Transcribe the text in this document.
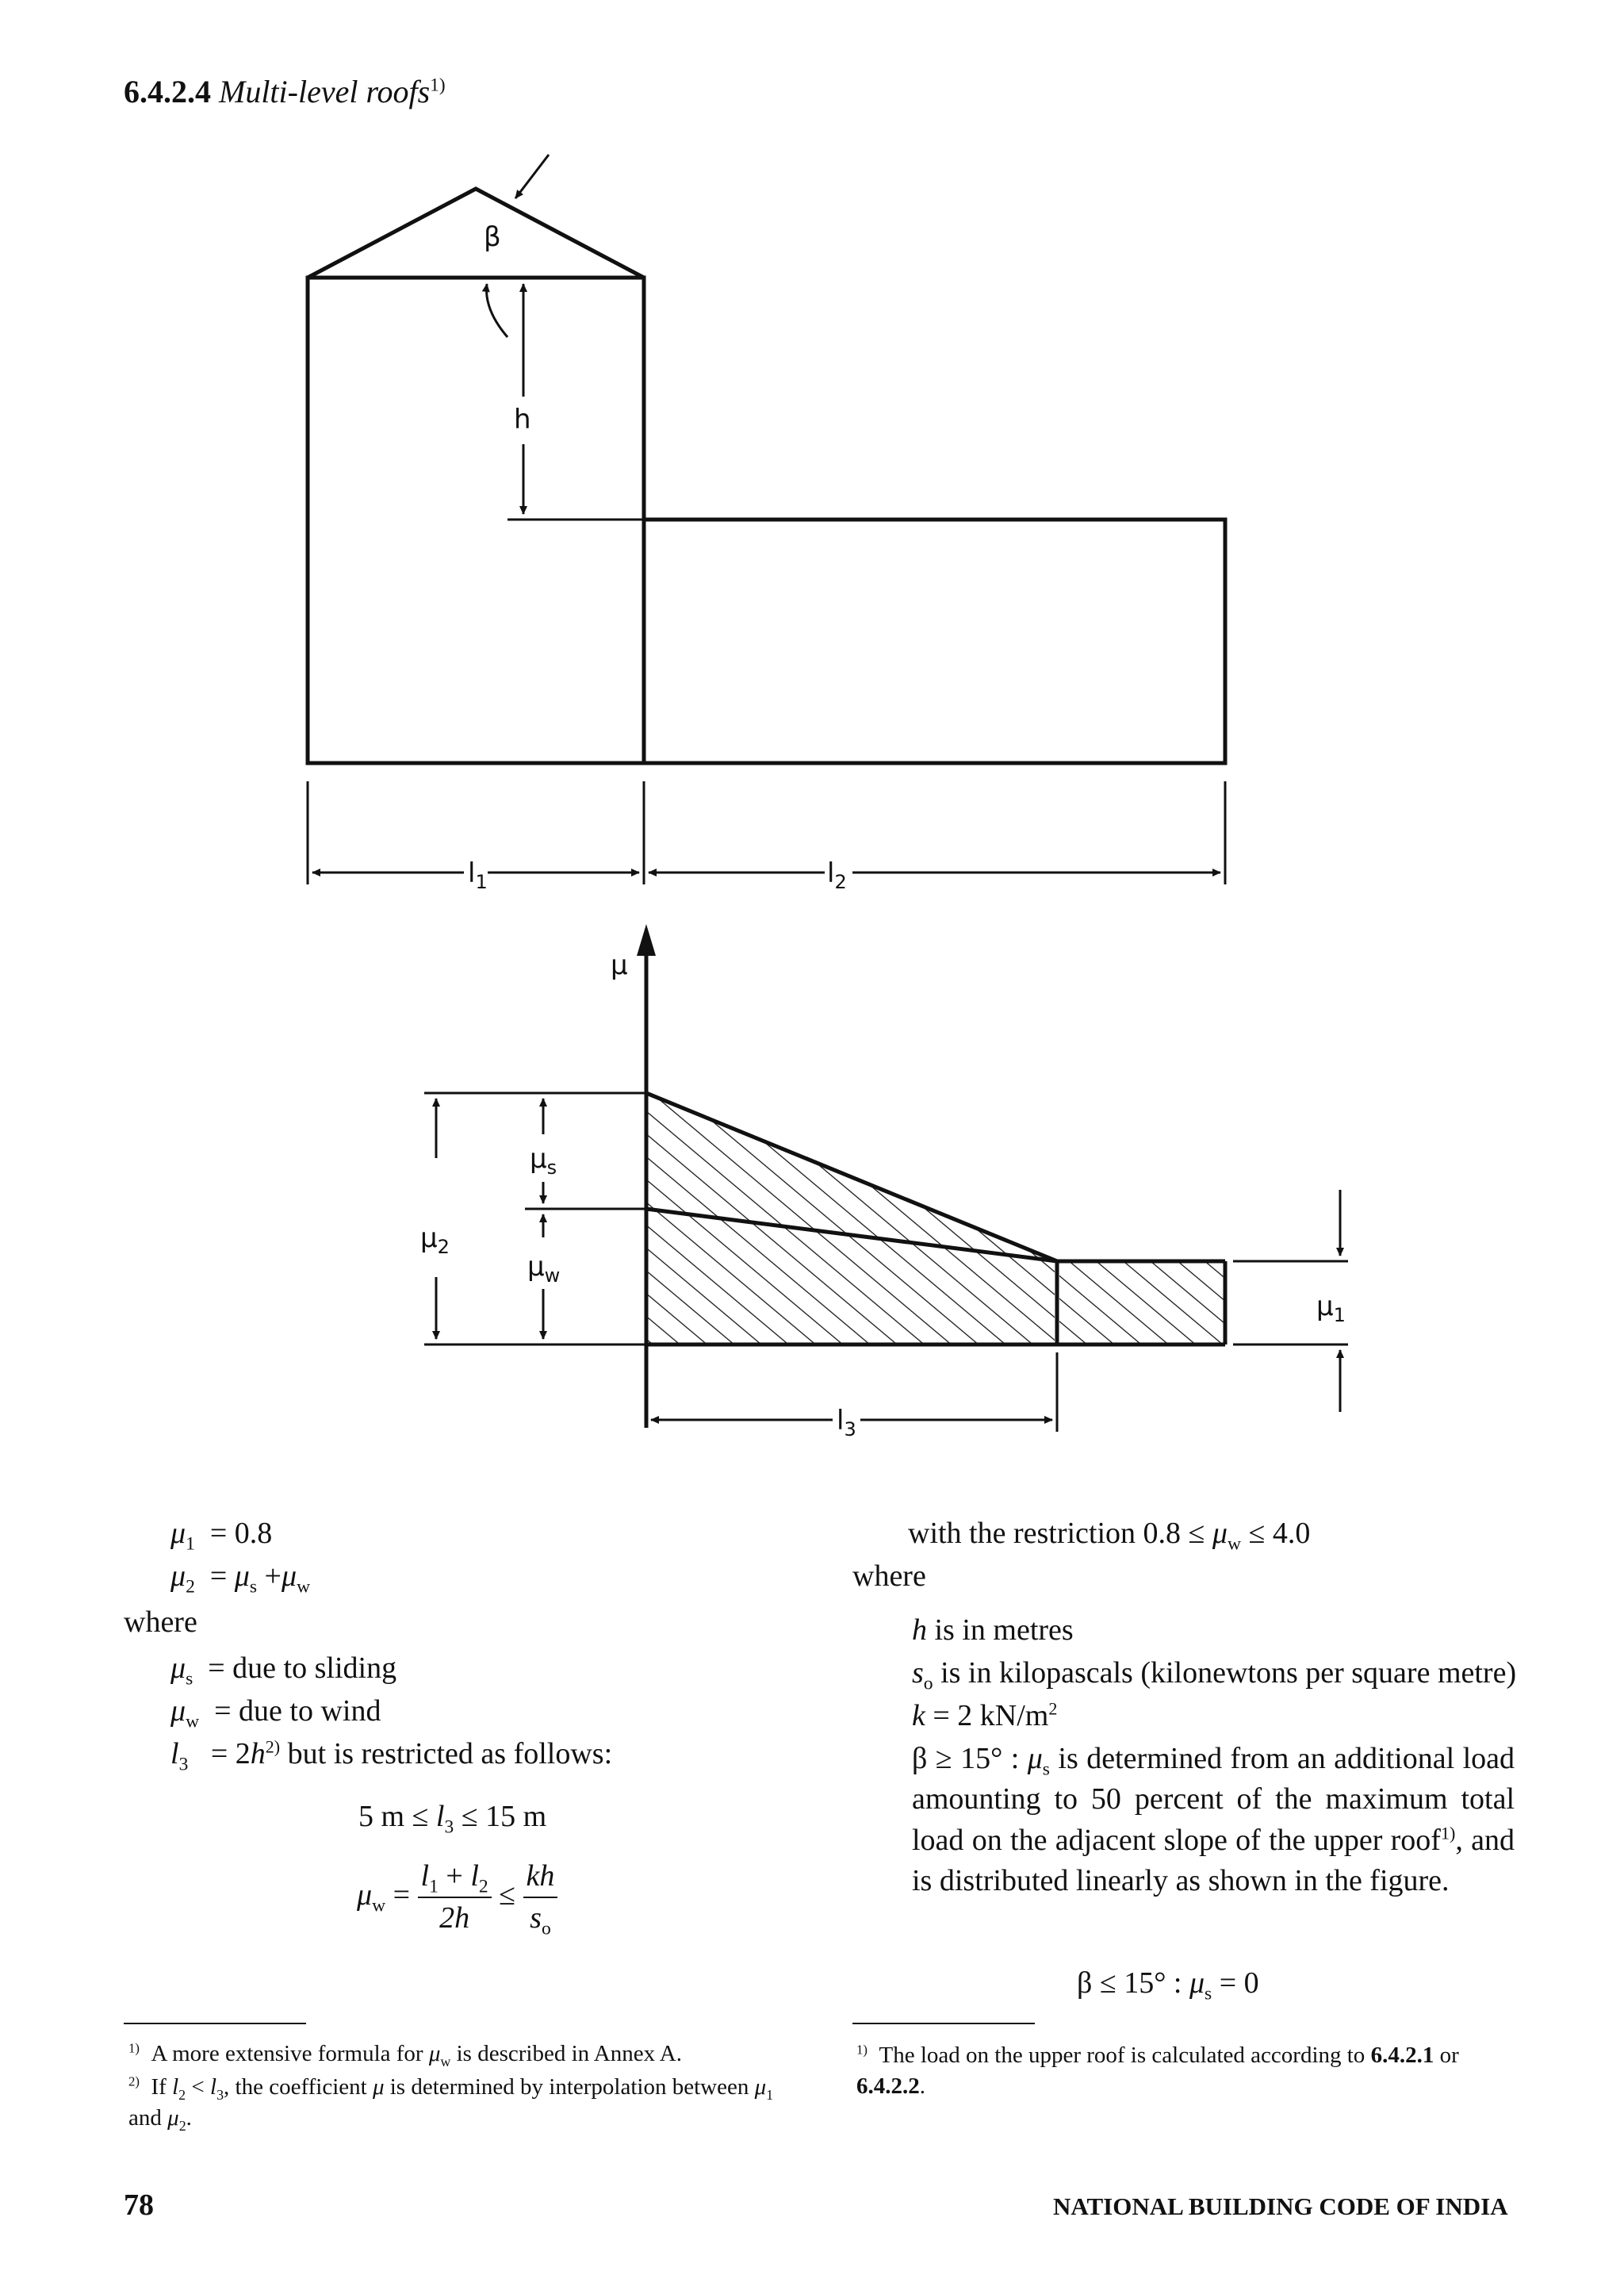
6.4.2.4 Multi-level roofs$^{1)}$
β
h
$l_1$	$l_2$
μ
$\mu_2$
$\mu_s$
$\mu_w$
$\mu_1$
$l_3$
$\mu_1 = 0.8$
$\mu_2 = \mu_s +\mu_w$
where
$\mu_s$ = due to sliding
$\mu_w$ = due to wind
$l_3 = 2h^{2)}$ but is restricted as follows:
5 $m \le l_3 \le 15$ m
$\mu_w = \frac{l_1 + l_2}{2h} \le \frac{kh}{s_o}$
with the restriction $0.8 \le \mu_w \le 4.0$
where
h is in metres
$s_o$ is in kilopascals (kilonewtons per square metre)
k = 2 $kN/m^2$
β ≥ 15° : $\mu_s$ is determined from an additional load amounting to 50 percent of the maximum total load on the adjacent slope of the upper roof$^{1)}$, and is distributed linearly as shown in the figure.
β ≤ 15° : $\mu_s = 0$
$^{1)}$ A more extensive formula for $\mu_w$ is described in Annex A.
$^{2)}$ If $l_2 < l_3$, the coefficient μ is determined by interpolation between $\mu_1$ and $\mu_2$.
$^{1)}$ The load on the upper roof is calculated according to 6.4.2.1 or 6.4.2.2.
78	NATIONAL BUILDING CODE OF INDIA
